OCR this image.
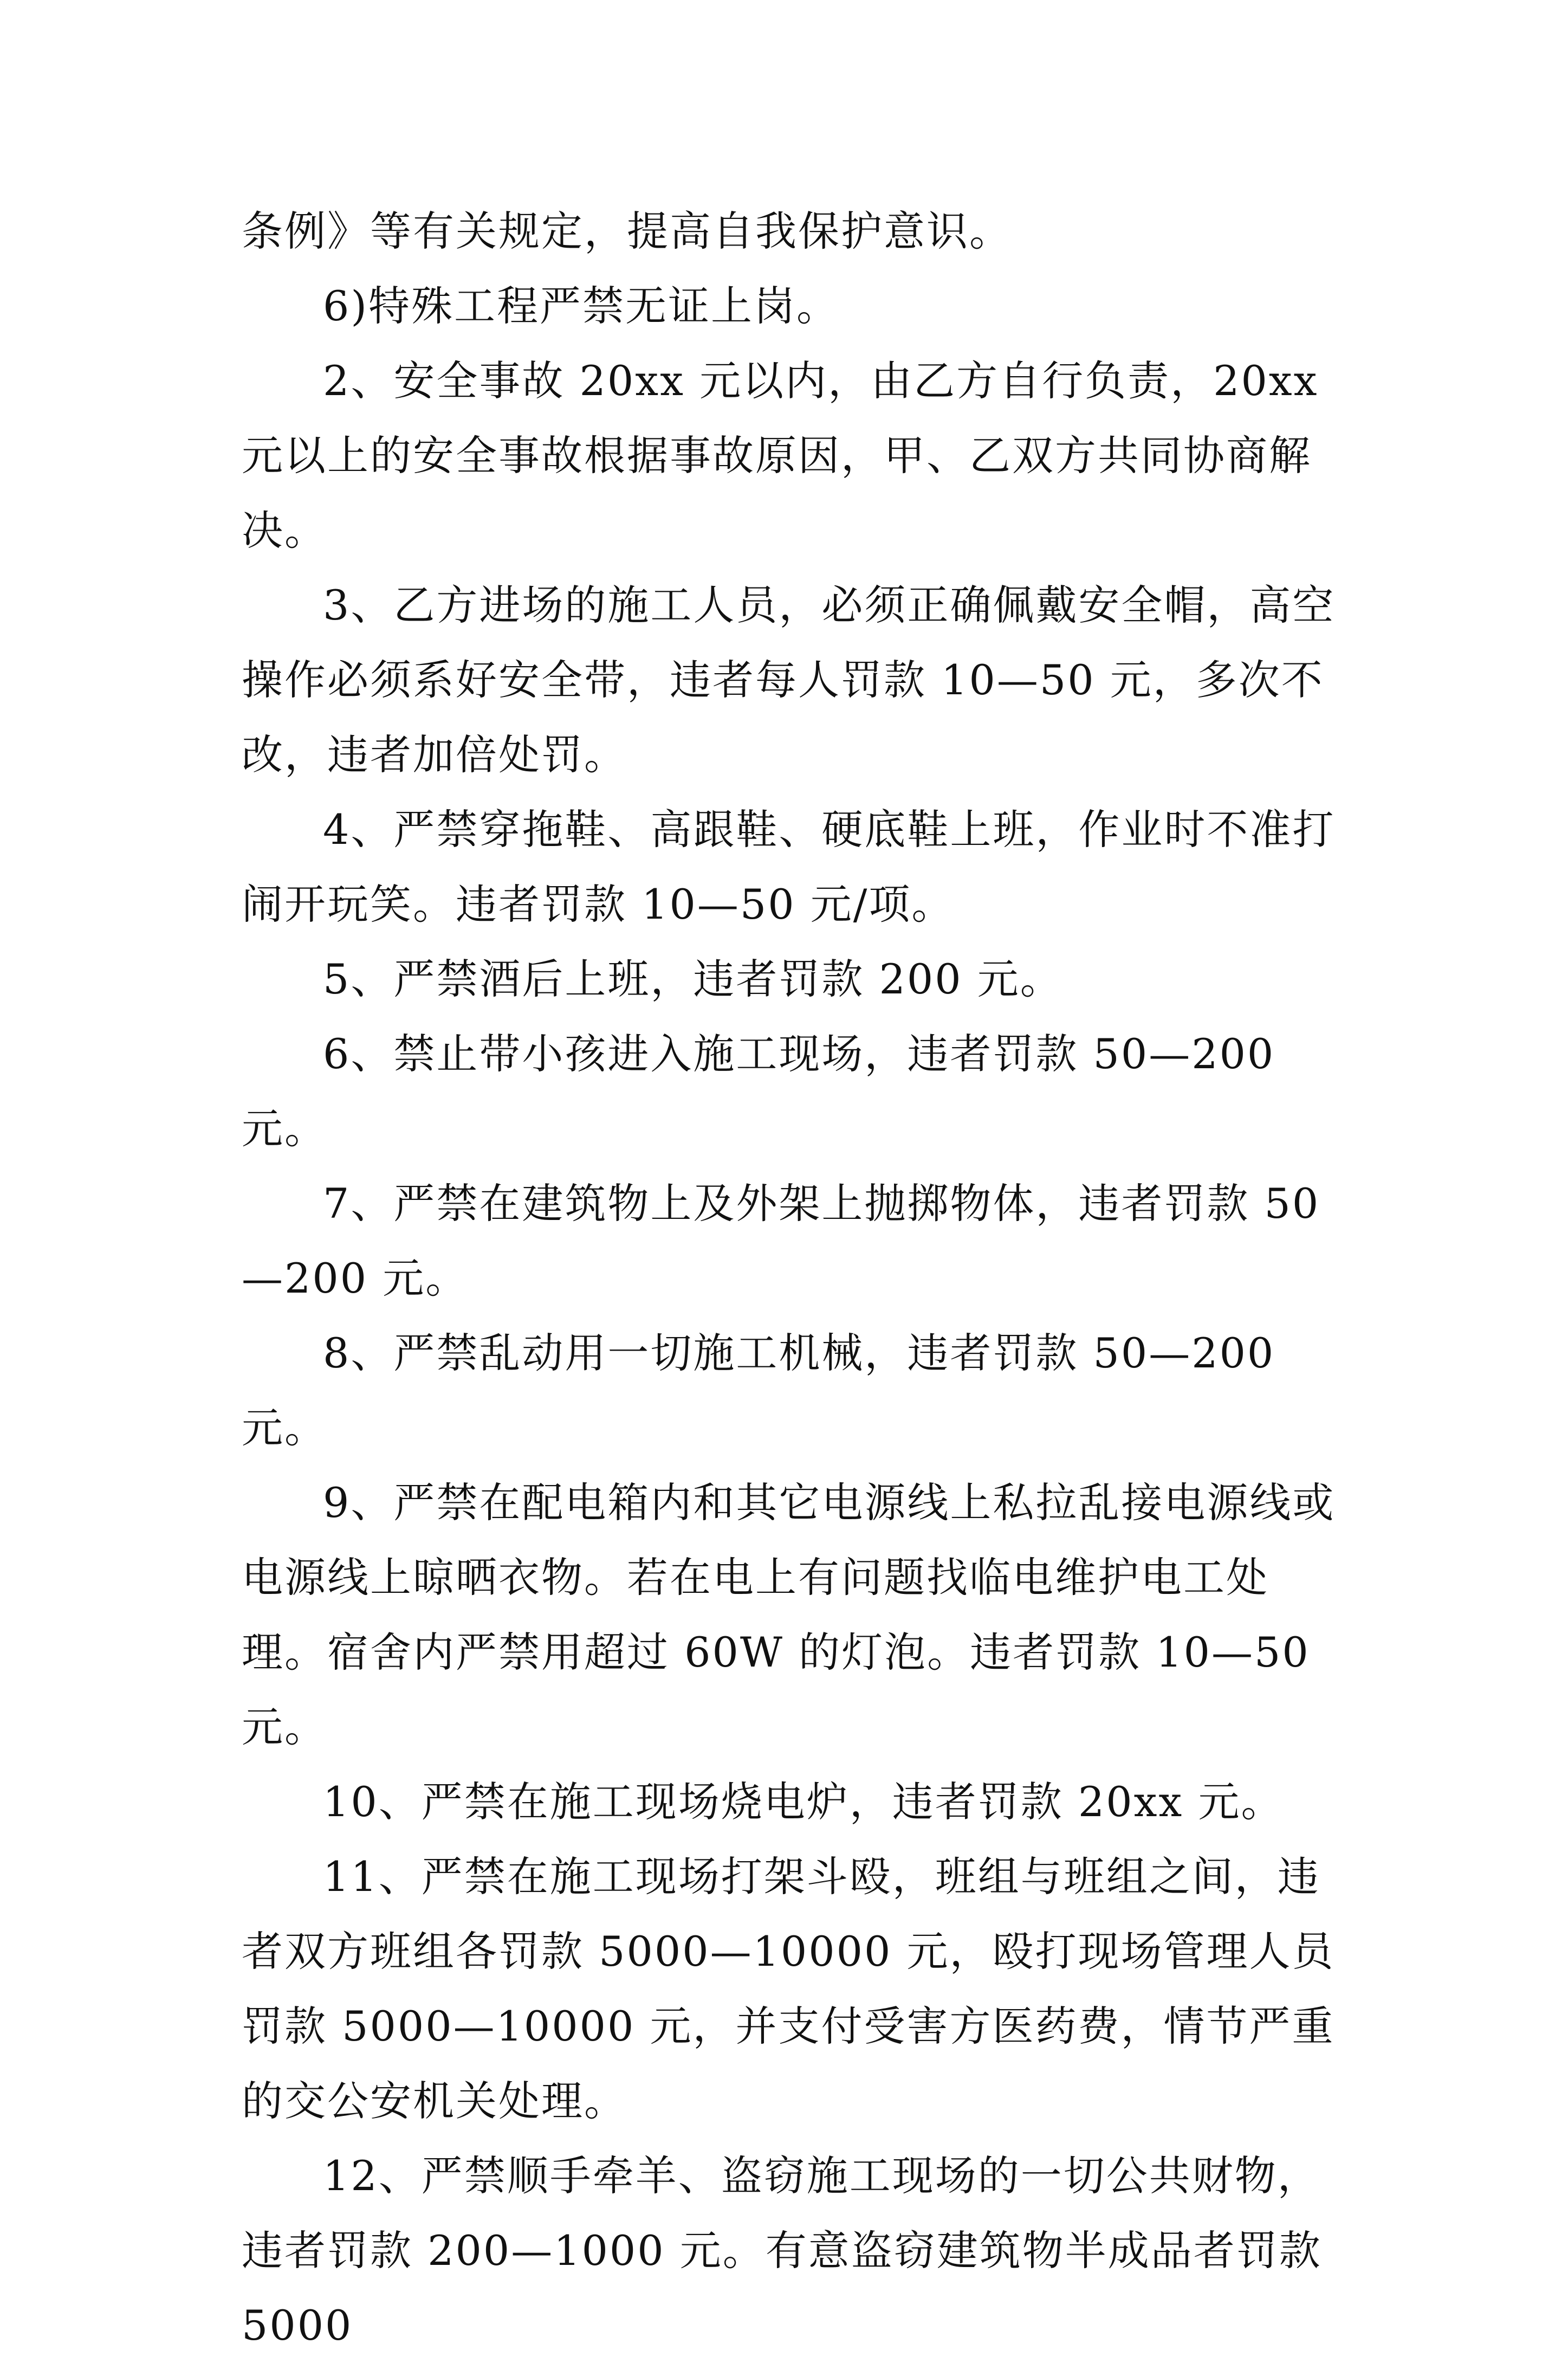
条例》等有关规定，提高自我保护意识。

6)特殊工程严禁无证上岗。

2、安全事故 20xx 元以内，由乙方自行负责，20xx 元以上的安全事故根据事故原因，甲、乙双方共同协商解决。

3、乙方进场的施工人员，必须正确佩戴安全帽，高空操作必须系好安全带，违者每人罚款 10—50 元，多次不改，违者加倍处罚。

4、严禁穿拖鞋、高跟鞋、硬底鞋上班，作业时不准打闹开玩笑。违者罚款 10—50 元/项。

5、严禁酒后上班，违者罚款 200 元。

6、禁止带小孩进入施工现场，违者罚款 50—200 元。

7、严禁在建筑物上及外架上抛掷物体，违者罚款 50—200 元。

8、严禁乱动用一切施工机械，违者罚款 50—200 元。

9、严禁在配电箱内和其它电源线上私拉乱接电源线或电源线上晾晒衣物。若在电上有问题找临电维护电工处理。宿舍内严禁用超过 60W 的灯泡。违者罚款 10—50 元。

10、严禁在施工现场烧电炉，违者罚款 20xx 元。

11、严禁在施工现场打架斗殴，班组与班组之间，违者双方班组各罚款 5000—10000 元，殴打现场管理人员罚款 5000—10000 元，并支付受害方医药费，情节严重的交公安机关处理。

12、严禁顺手牵羊、盗窃施工现场的一切公共财物，违者罚款 200—1000 元。有意盗窃建筑物半成品者罚款 5000
